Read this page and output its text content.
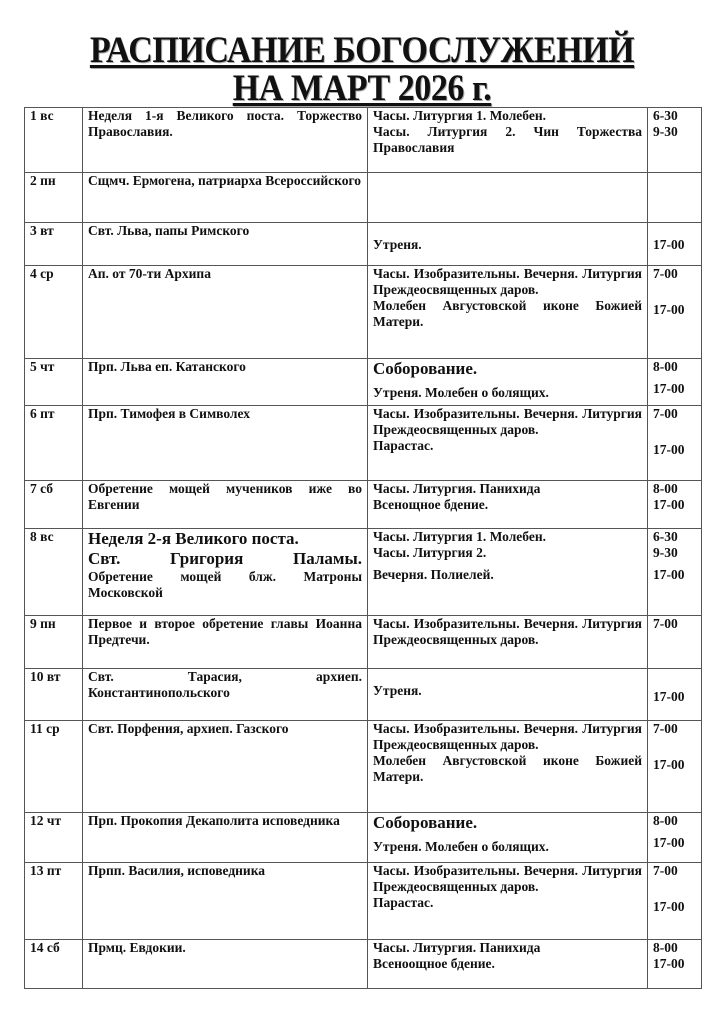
РАСПИСАНИЕ БОГОСЛУЖЕНИЙ
НА МАРТ 2026 г.
1 вс	Неделя 1-я Великого поста. Торжество Православия.	Часы. Литургия 1. Молебен.
Часы. Литургия 2. Чин Торжества Православия	6-30
9-30

2 пн	Сщмч. Ермогена, патриарха Всероссийского		

3 вт	Свт. Льва, папы Римского	Утреня.	17-00

4 ср	Ап. от 70-ти Архипа	Часы. Изобразительны. Вечерня. Литургия Преждеосвященных даров.
Молебен Августовской иконе Божией Матери.	7-00
17-00

5 чт	Прп. Льва еп. Катанского	Соборование.
Утреня. Молебен о болящих.	8-00
17-00

6 пт	Прп. Тимофея в Символех	Часы. Изобразительны. Вечерня. Литургия Преждеосвященных даров.
Парастас.	7-00
17-00

7 сб	Обретение мощей мучеников иже во Евгении	Часы. Литургия. Панихида
Всенощное бдение.	8-00
17-00

8 вс	Неделя 2-я Великого поста.
Свт. Григория Паламы.
Обретение мощей блж. Матроны Московской	Часы. Литургия 1. Молебен.
Часы. Литургия 2.
Вечерня. Полиелей.	6-30
9-30
17-00

9 пн	Первое и второе обретение главы Иоанна Предтечи.	Часы. Изобразительны. Вечерня. Литургия Преждеосвященных даров.	7-00

10 вт	Свт. Тарасия, архиеп. Константинопольского	Утреня.	17-00

11 ср	Свт. Порфения, архиеп. Газского	Часы. Изобразительны. Вечерня. Литургия Преждеосвященных даров.
Молебен Августовской иконе Божией Матери.	7-00
17-00

12 чт	Прп. Прокопия Декаполита исповедника	Соборование.
Утреня. Молебен о болящих.	8-00
17-00

13 пт	Прпп. Василия, исповедника	Часы. Изобразительны. Вечерня. Литургия Преждеосвященных даров.
Парастас.	7-00
17-00

14 сб	Прмц. Евдокии.	Часы. Литургия. Панихида
Всеноощное бдение.	8-00
17-00
